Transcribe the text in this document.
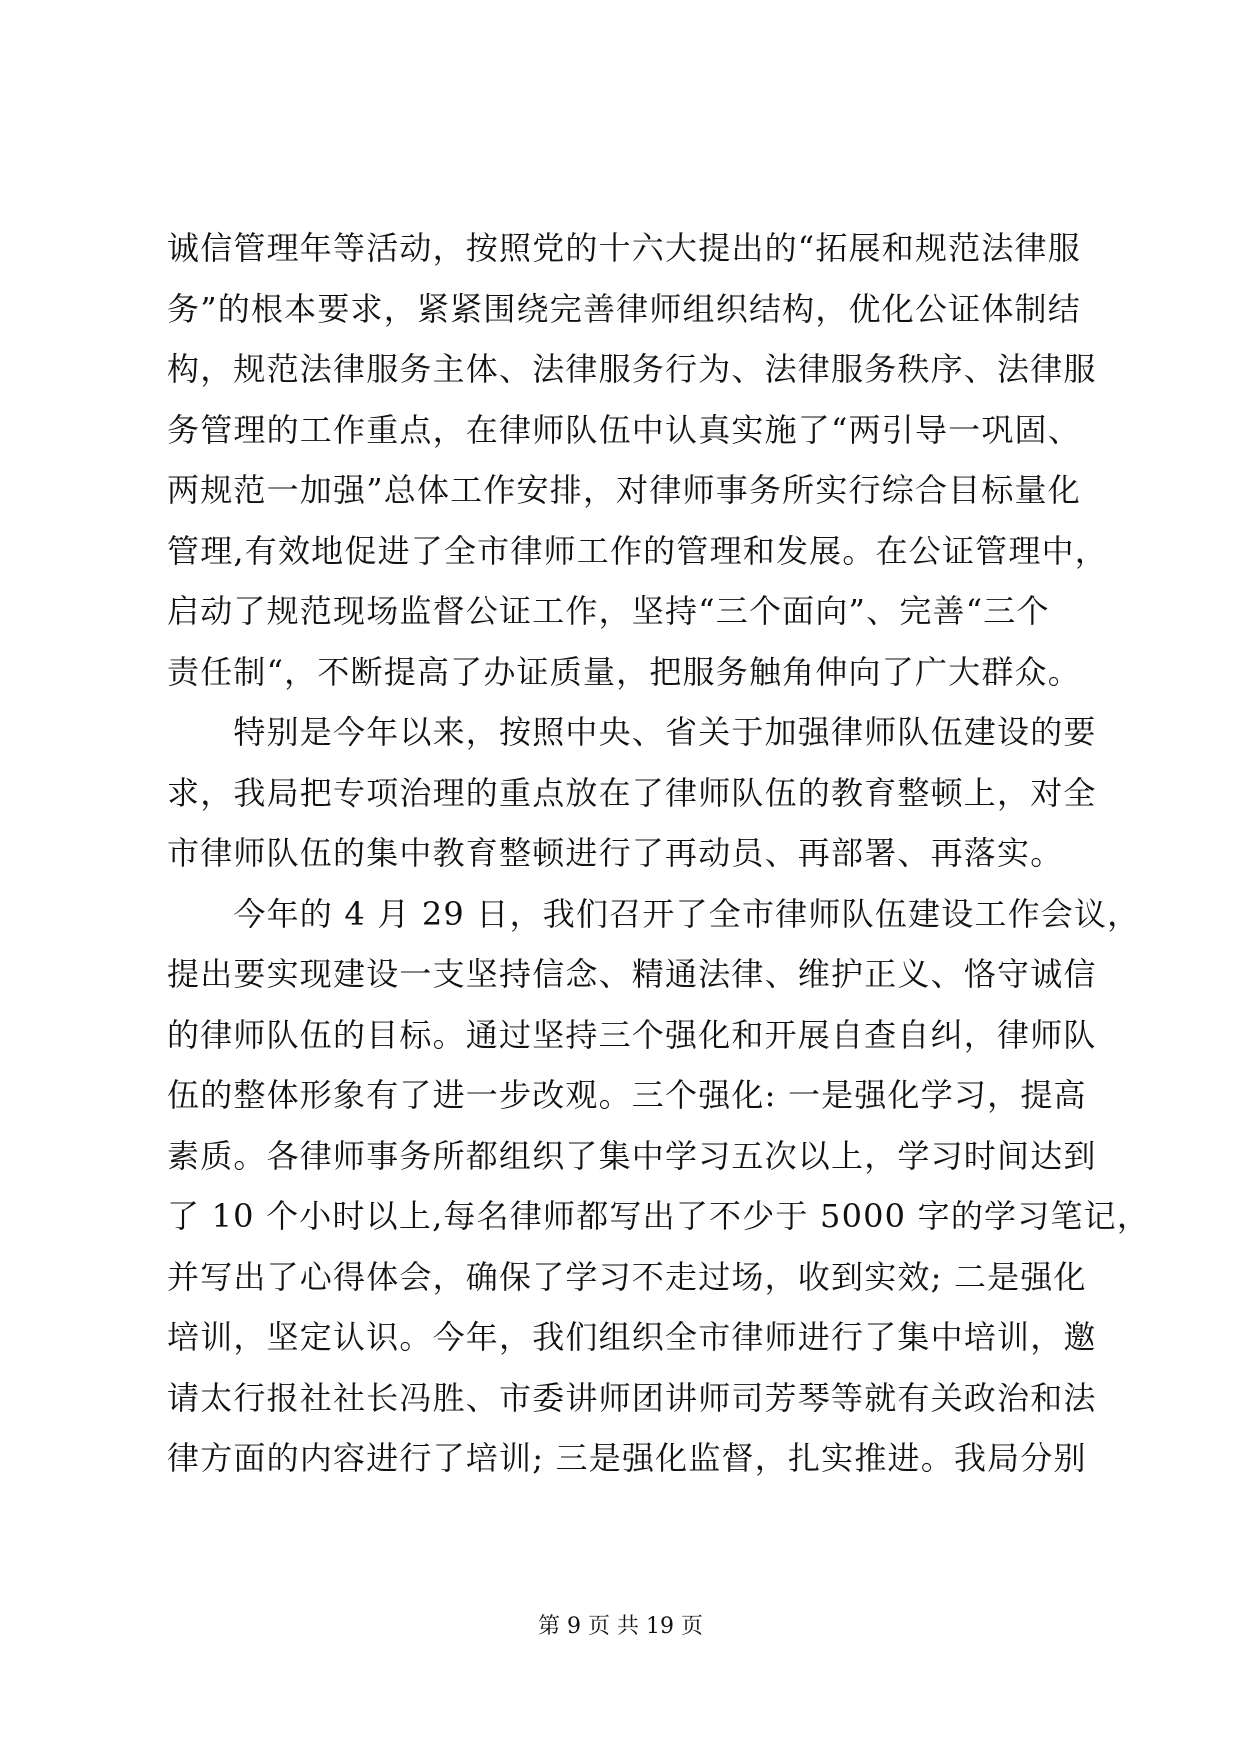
诚信管理年等活动，按照党的十六大提出的“拓展和规范法律服
务”的根本要求，紧紧围绕完善律师组织结构，优化公证体制结
构，规范法律服务主体、法律服务行为、法律服务秩序、法律服
务管理的工作重点，在律师队伍中认真实施了“两引导一巩固、
两规范一加强”总体工作安排，对律师事务所实行综合目标量化
管理,有效地促进了全市律师工作的管理和发展。在公证管理中，
启动了规范现场监督公证工作，坚持“三个面向”、完善“三个
责任制“，不断提高了办证质量，把服务触角伸向了广大群众。
　　特别是今年以来，按照中央、省关于加强律师队伍建设的要
求，我局把专项治理的重点放在了律师队伍的教育整顿上，对全
市律师队伍的集中教育整顿进行了再动员、再部署、再落实。
　　今年的 4 月 29 日，我们召开了全市律师队伍建设工作会议，
提出要实现建设一支坚持信念、精通法律、维护正义、恪守诚信
的律师队伍的目标。通过坚持三个强化和开展自查自纠，律师队
伍的整体形象有了进一步改观。三个强化: 一是强化学习，提高
素质。各律师事务所都组织了集中学习五次以上，学习时间达到
了 10 个小时以上,每名律师都写出了不少于 5000 字的学习笔记，
并写出了心得体会，确保了学习不走过场，收到实效; 二是强化
培训，坚定认识。今年，我们组织全市律师进行了集中培训，邀
请太行报社社长冯胜、市委讲师团讲师司芳琴等就有关政治和法
律方面的内容进行了培训; 三是强化监督，扎实推进。我局分别
第 9 页 共 19 页
